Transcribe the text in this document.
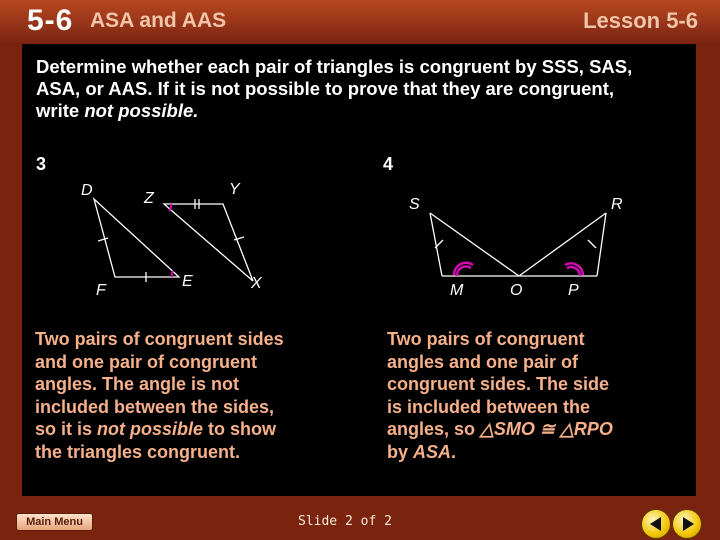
5-6 ASA and AAS	Lesson 5-6
Determine whether each pair of triangles is congruent by SSS, SAS,
ASA, or AAS. If it is not possible to prove that they are congruent,
write not possible.
3	4
D	Z
Y
F
E	X
S	R
M	O	P
Two pairs of congruent sides
and one pair of congruent
angles. The angle is not
included between the sides,
so it is not possible to show
the triangles congruent.
Two pairs of congruent
angles and one pair of
congruent sides. The side
is included between the
angles, so △SMO ≅ △RPO
by ASA.
Main Menu	Slide 2 of 2
